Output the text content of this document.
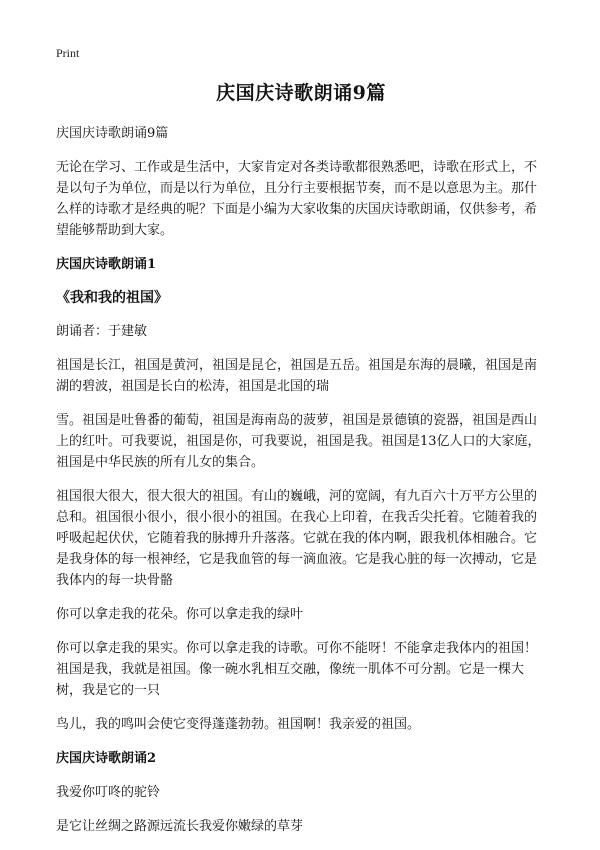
Print
庆国庆诗歌朗诵9篇
庆国庆诗歌朗诵9篇
无论在学习、工作或是生活中，大家肯定对各类诗歌都很熟悉吧，诗歌在形式上，不是以句子为单位，而是以行为单位，且分行主要根据节奏，而不是以意思为主。那什么样的诗歌才是经典的呢？下面是小编为大家收集的庆国庆诗歌朗诵，仅供参考，希望能够帮助到大家。
庆国庆诗歌朗诵1
《我和我的祖国》
朗诵者：于建敏
祖国是长江，祖国是黄河，祖国是昆仑，祖国是五岳。祖国是东海的晨曦，祖国是南湖的碧波，祖国是长白的松涛，祖国是北国的瑞
雪。祖国是吐鲁番的葡萄，祖国是海南岛的菠萝，祖国是景德镇的瓷器，祖国是西山上的红叶。可我要说，祖国是你，可我要说，祖国是我。祖国是13亿人口的大家庭，祖国是中华民族的所有儿女的集合。
祖国很大很大，很大很大的祖国。有山的巍峨，河的宽阔，有九百六十万平方公里的总和。祖国很小很小，很小很小的祖国。在我心上印着，在我舌尖托着。它随着我的呼吸起起伏伏，它随着我的脉搏升升落落。它就在我的体内啊，跟我机体相融合。它是我身体的每一根神经，它是我血管的每一滴血液。它是我心脏的每一次搏动，它是我体内的每一块骨骼
你可以拿走我的花朵。你可以拿走我的绿叶
你可以拿走我的果实。你可以拿走我的诗歌。可你不能呀！不能拿走我体内的祖国！祖国是我，我就是祖国。像一碗水乳相互交融，像统一肌体不可分割。它是一棵大树，我是它的一只
鸟儿，我的鸣叫会使它变得蓬蓬勃勃。祖国啊！我亲爱的祖国。
庆国庆诗歌朗诵2
我爱你叮咚的驼铃
是它让丝绸之路源远流长我爱你嫩绿的草芽
